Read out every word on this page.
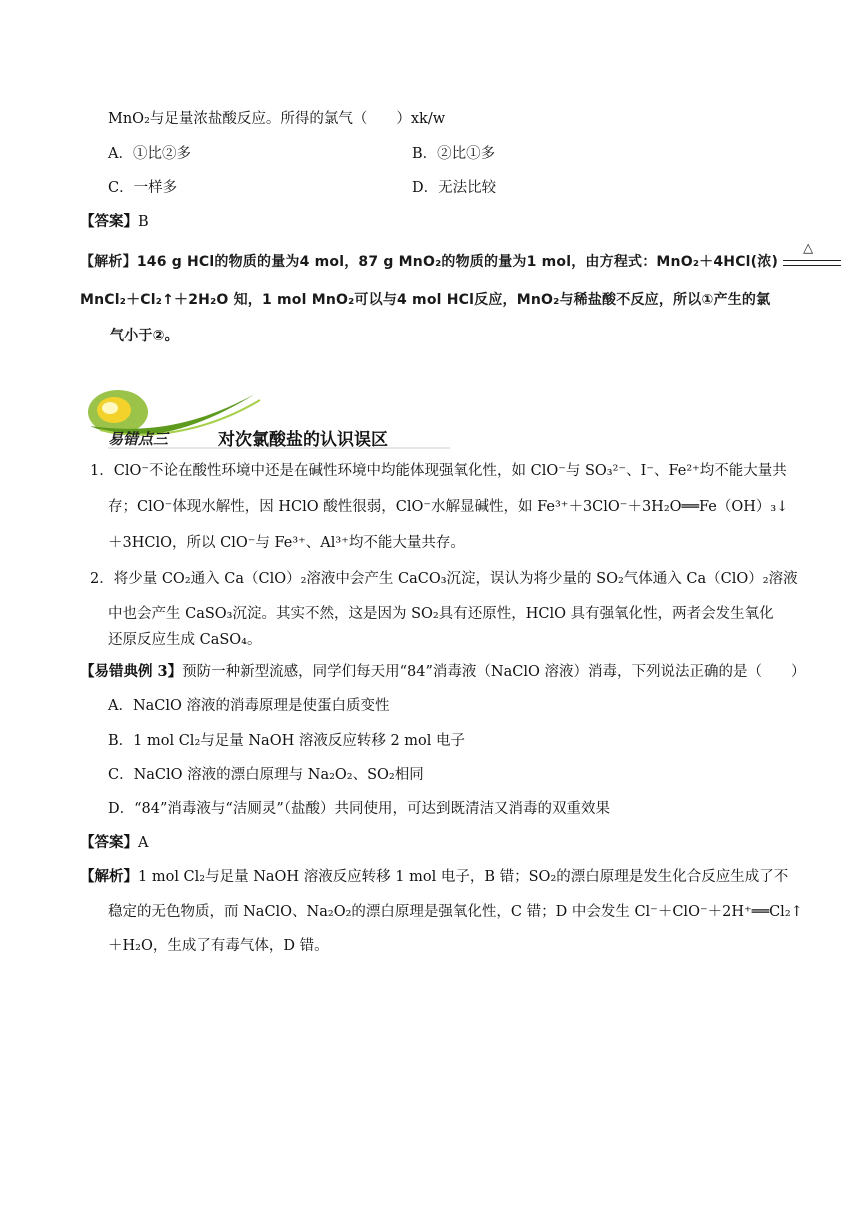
MnO₂与足量浓盐酸反应。所得的氯气（　　）xk/w
A．①比②多	B．②比①多
C．一样多	D．无法比较
【答案】B
【解析】146 g HCl的物质的量为4 mol，87 g MnO₂的物质的量为1 mol，由方程式：MnO₂＋4HCl(浓)
△
MnCl₂＋Cl₂↑＋2H₂O 知，1 mol MnO₂可以与4 mol HCl反应，MnO₂与稀盐酸不反应，所以①产生的氯
气小于②。
易错点三	对次氯酸盐的认识误区
1．ClO⁻不论在酸性环境中还是在碱性环境中均能体现强氧化性，如 ClO⁻与 SO₃²⁻、I⁻、Fe²⁺均不能大量共
存；ClO⁻体现水解性，因 HClO 酸性很弱，ClO⁻水解显碱性，如 Fe³⁺＋3ClO⁻＋3H₂O══Fe（OH）₃↓
＋3HClO，所以 ClO⁻与 Fe³⁺、Al³⁺均不能大量共存。
2．将少量 CO₂通入 Ca（ClO）₂溶液中会产生 CaCO₃沉淀，误认为将少量的 SO₂气体通入 Ca（ClO）₂溶液
中也会产生 CaSO₃沉淀。其实不然，这是因为 SO₂具有还原性，HClO 具有强氧化性，两者会发生氧化
还原反应生成 CaSO₄。
【易错典例 3】预防一种新型流感，同学们每天用“84”消毒液（NaClO 溶液）消毒，下列说法正确的是（　　）
A．NaClO 溶液的消毒原理是使蛋白质变性
B．1 mol Cl₂与足量 NaOH 溶液反应转移 2 mol 电子
C．NaClO 溶液的漂白原理与 Na₂O₂、SO₂相同
D．“84”消毒液与“洁厕灵”（盐酸）共同使用，可达到既清洁又消毒的双重效果
【答案】A
【解析】1 mol Cl₂与足量 NaOH 溶液反应转移 1 mol 电子，B 错；SO₂的漂白原理是发生化合反应生成了不
稳定的无色物质，而 NaClO、Na₂O₂的漂白原理是强氧化性，C 错；D 中会发生 Cl⁻＋ClO⁻＋2H⁺══Cl₂↑
＋H₂O，生成了有毒气体，D 错。
